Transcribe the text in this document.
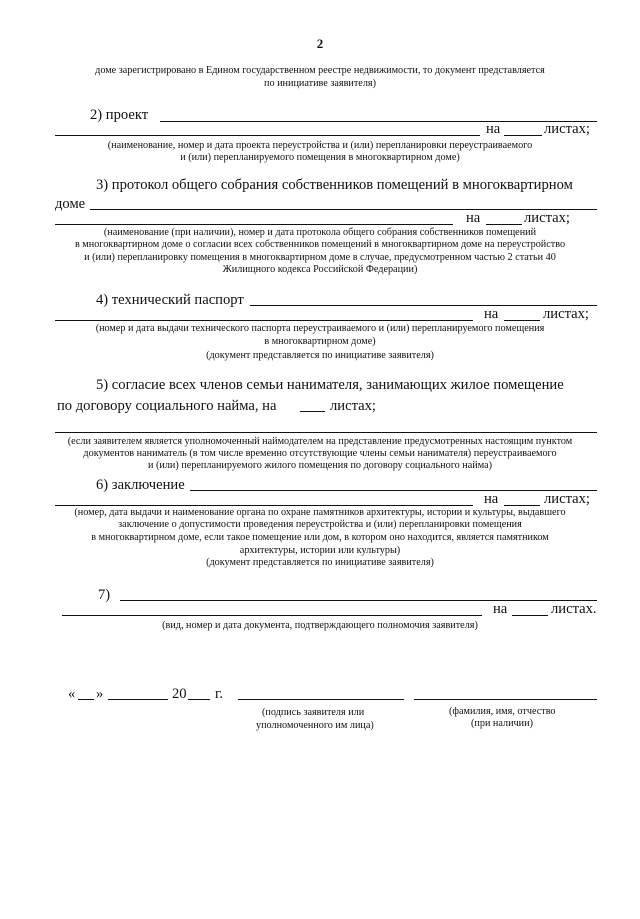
2
доме зарегистрировано в Едином государственном реестре недвижимости, то документ представляется
по инициативе заявителя)
2) проект
на	листах;
(наименование, номер и дата проекта переустройства и (или) перепланировки переустраиваемого
и (или) перепланируемого помещения в многоквартирном доме)
3) протокол общего собрания собственников помещений в многоквартирном
доме
на	листах;
(наименование (при наличии), номер и дата протокола общего собрания собственников помещений
в многоквартирном доме о согласии всех собственников помещений в многоквартирном доме на переустройство
и (или) перепланировку помещения в многоквартирном доме в случае, предусмотренном частью 2 статьи 40
Жилищного кодекса Российской Федерации)
4) технический паспорт
на	листах;
(номер и дата выдачи технического паспорта переустраиваемого и (или) перепланируемого помещения
в многоквартирном доме)
(документ представляется по инициативе заявителя)
5) согласие всех членов семьи нанимателя, занимающих жилое помещение
по договору социального найма, на	листах;
(если заявителем является уполномоченный наймодателем на представление предусмотренных настоящим пунктом
документов наниматель (в том числе временно отсутствующие члены семьи нанимателя) переустраиваемого
и (или) перепланируемого жилого помещения по договору социального найма)
6) заключение
на	листах;
(номер, дата выдачи и наименование органа по охране памятников архитектуры, истории и культуры, выдавшего
заключение о допустимости проведения переустройства и (или) перепланировки помещения
в многоквартирном доме, если такое помещение или дом, в котором оно находится, является памятником
архитектуры, истории или культуры)
(документ представляется по инициативе заявителя)
7)
на	листах.
(вид, номер и дата документа, подтверждающего полномочия заявителя)
« »	20 г.
(подпись заявителя или
уполномоченного им лица)
(фамилия, имя, отчество
(при наличии)
